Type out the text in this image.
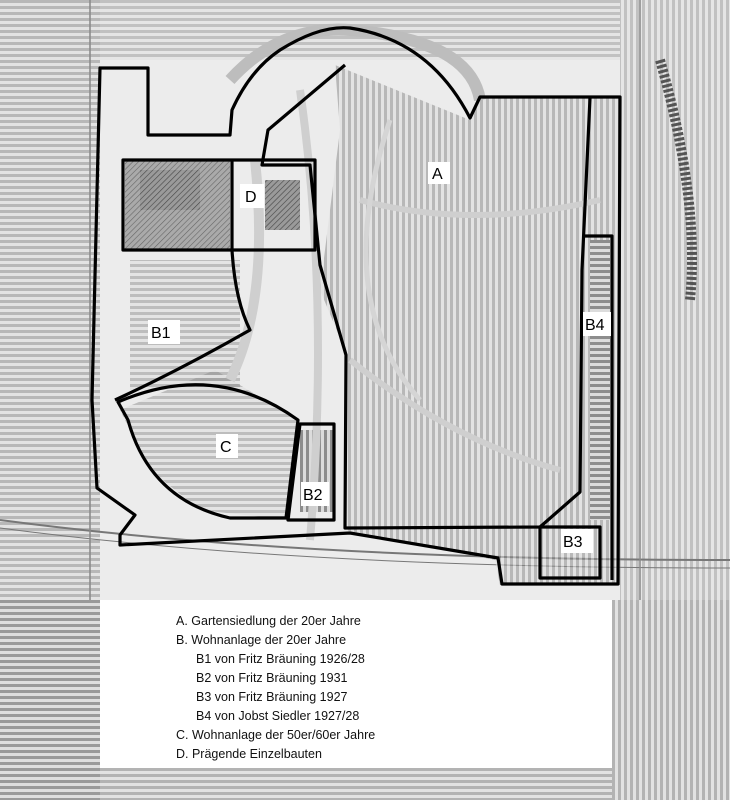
A
B1
B2
B3
B4
C
D
A. Gartensiedlung der 20er Jahre
B. Wohnanlage der 20er Jahre
B1 von Fritz Bräuning 1926/28
B2 von Fritz Bräuning 1931
B3 von Fritz Bräuning 1927
B4 von Jobst Siedler 1927/28
C. Wohnanlage der 50er/60er Jahre
D. Prägende Einzelbauten
